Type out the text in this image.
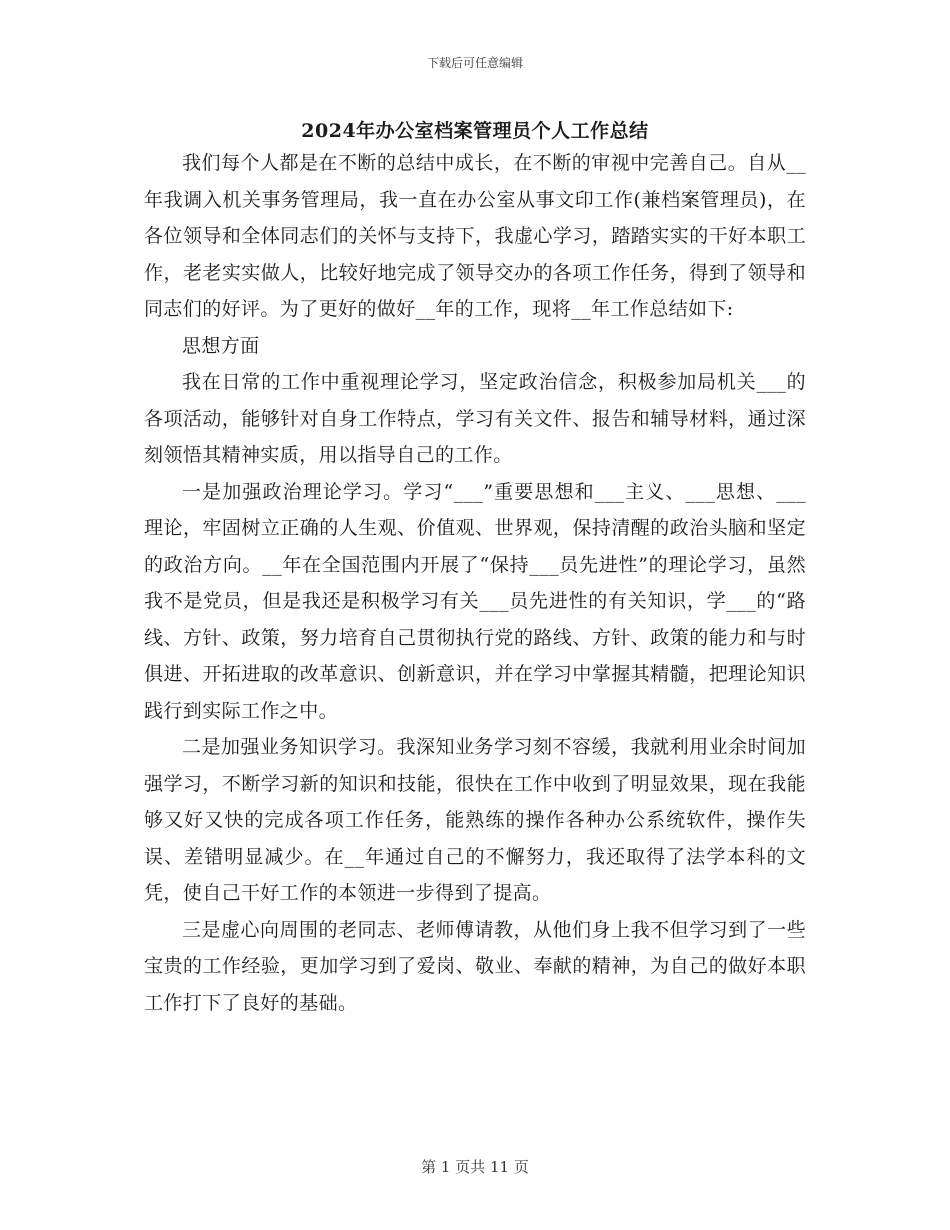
下载后可任意编辑
2024年办公室档案管理员个人工作总结

我们每个人都是在不断的总结中成长，在不断的审视中完善自己。自从__年我调入机关事务管理局，我一直在办公室从事文印工作(兼档案管理员)，在各位领导和全体同志们的关怀与支持下，我虚心学习，踏踏实实的干好本职工作，老老实实做人，比较好地完成了领导交办的各项工作任务，得到了领导和同志们的好评。为了更好的做好__年的工作，现将__年工作总结如下:

思想方面

我在日常的工作中重视理论学习，坚定政治信念，积极参加局机关___的各项活动，能够针对自身工作特点，学习有关文件、报告和辅导材料，通过深刻领悟其精神实质，用以指导自己的工作。

一是加强政治理论学习。学习“___”重要思想和___主义、___思想、___理论，牢固树立正确的人生观、价值观、世界观，保持清醒的政治头脑和坚定的政治方向。__年在全国范围内开展了“保持___员先进性”的理论学习，虽然我不是党员，但是我还是积极学习有关___员先进性的有关知识，学___的“路线、方针、政策，努力培育自己贯彻执行党的路线、方针、政策的能力和与时俱进、开拓进取的改革意识、创新意识，并在学习中掌握其精髓，把理论知识践行到实际工作之中。

二是加强业务知识学习。我深知业务学习刻不容缓，我就利用业余时间加强学习，不断学习新的知识和技能，很快在工作中收到了明显效果，现在我能够又好又快的完成各项工作任务，能熟练的操作各种办公系统软件，操作失误、差错明显减少。在__年通过自己的不懈努力，我还取得了法学本科的文凭，使自己干好工作的本领进一步得到了提高。

三是虚心向周围的老同志、老师傅请教，从他们身上我不但学习到了一些宝贵的工作经验，更加学习到了爱岗、敬业、奉献的精神，为自己的做好本职工作打下了良好的基础。

第 1 页共 11 页
